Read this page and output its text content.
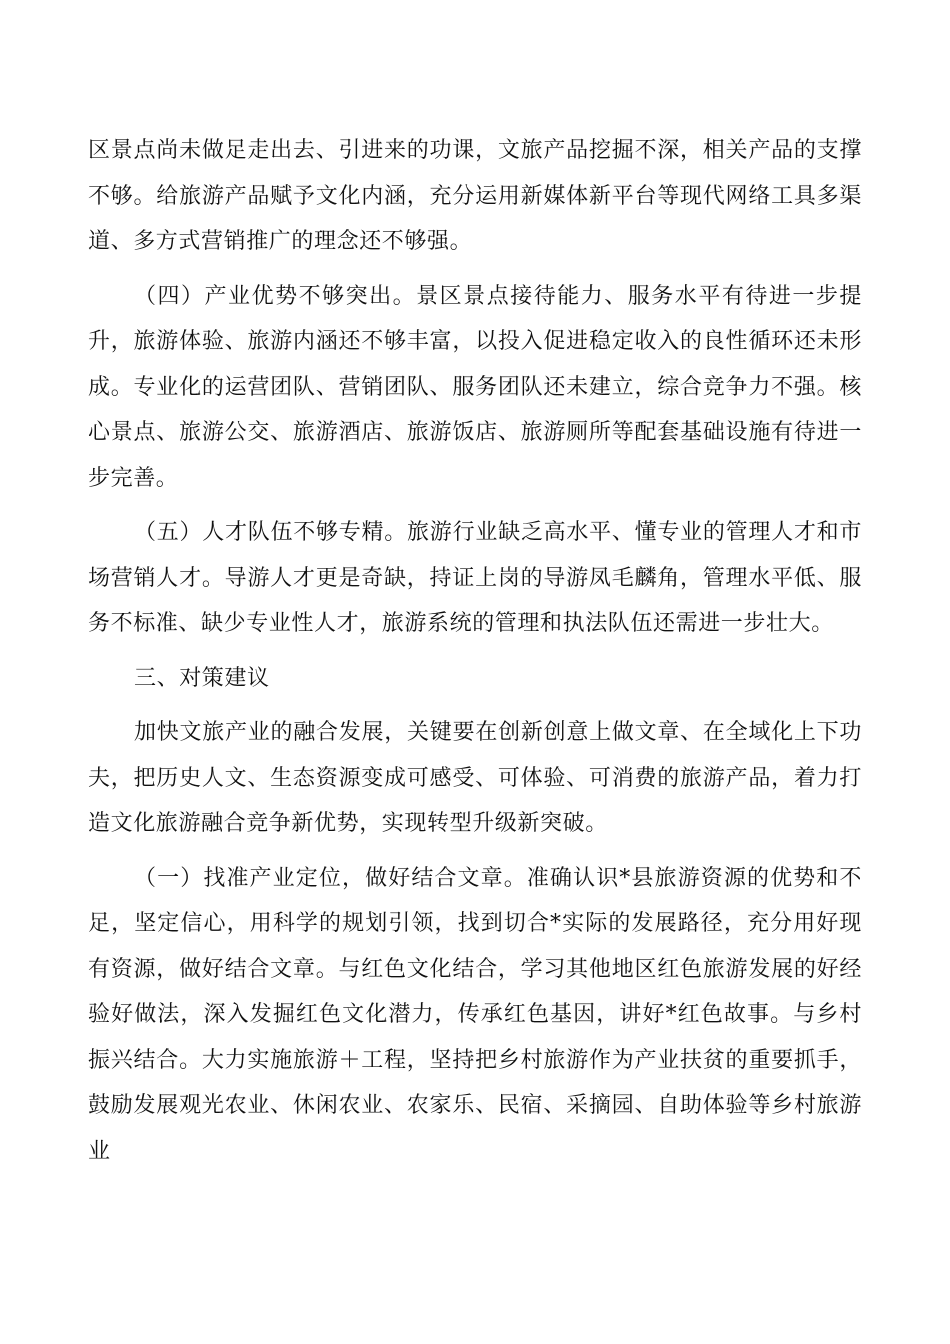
区景点尚未做足走出去、引进来的功课，文旅产品挖掘不深，相关产品的支撑不够。给旅游产品赋予文化内涵，充分运用新媒体新平台等现代网络工具多渠道、多方式营销推广的理念还不够强。

（四）产业优势不够突出。景区景点接待能力、服务水平有待进一步提升，旅游体验、旅游内涵还不够丰富，以投入促进稳定收入的良性循环还未形成。专业化的运营团队、营销团队、服务团队还未建立，综合竞争力不强。核心景点、旅游公交、旅游酒店、旅游饭店、旅游厕所等配套基础设施有待进一步完善。

（五）人才队伍不够专精。旅游行业缺乏高水平、懂专业的管理人才和市场营销人才。导游人才更是奇缺，持证上岗的导游凤毛麟角，管理水平低、服务不标准、缺少专业性人才，旅游系统的管理和执法队伍还需进一步壮大。

三、对策建议

加快文旅产业的融合发展，关键要在创新创意上做文章、在全域化上下功夫，把历史人文、生态资源变成可感受、可体验、可消费的旅游产品，着力打造文化旅游融合竞争新优势，实现转型升级新突破。

（一）找准产业定位，做好结合文章。准确认识*县旅游资源的优势和不足，坚定信心，用科学的规划引领，找到切合*实际的发展路径，充分用好现有资源，做好结合文章。与红色文化结合，学习其他地区红色旅游发展的好经验好做法，深入发掘红色文化潜力，传承红色基因，讲好*红色故事。与乡村振兴结合。大力实施旅游＋工程，坚持把乡村旅游作为产业扶贫的重要抓手，鼓励发展观光农业、休闲农业、农家乐、民宿、采摘园、自助体验等乡村旅游业
